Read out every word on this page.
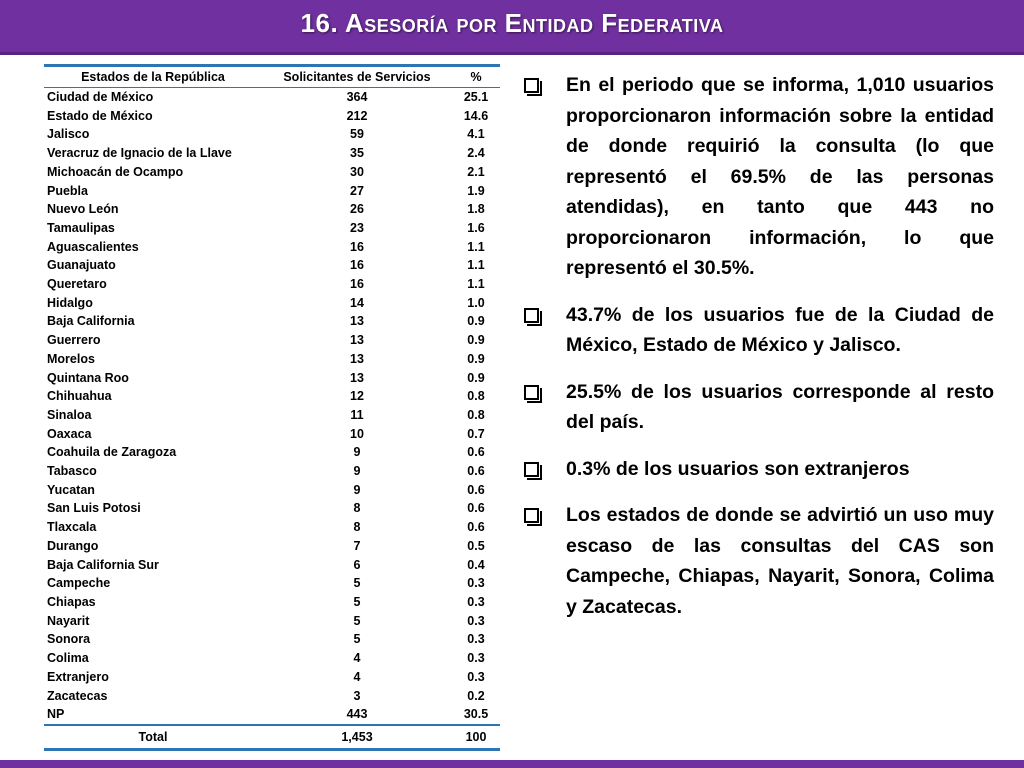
16. Asesoría por Entidad Federativa
Estados de la República	Solicitantes de Servicios	%
Ciudad de México	364	25.1
Estado de México	212	14.6
Jalisco	59	4.1
Veracruz de Ignacio de la Llave	35	2.4
Michoacán de Ocampo	30	2.1
Puebla	27	1.9
Nuevo León	26	1.8
Tamaulipas	23	1.6
Aguascalientes	16	1.1
Guanajuato	16	1.1
Queretaro	16	1.1
Hidalgo	14	1.0
Baja California	13	0.9
Guerrero	13	0.9
Morelos	13	0.9
Quintana Roo	13	0.9
Chihuahua	12	0.8
Sinaloa	11	0.8
Oaxaca	10	0.7
Coahuila de Zaragoza	9	0.6
Tabasco	9	0.6
Yucatan	9	0.6
San Luis Potosi	8	0.6
Tlaxcala	8	0.6
Durango	7	0.5
Baja California Sur	6	0.4
Campeche	5	0.3
Chiapas	5	0.3
Nayarit	5	0.3
Sonora	5	0.3
Colima	4	0.3
Extranjero	4	0.3
Zacatecas	3	0.2
NP	443	30.5
Total	1,453	100
En el periodo que se informa, 1,010 usuarios proporcionaron información sobre la entidad de donde requirió la consulta (lo que representó el 69.5% de las personas atendidas), en tanto que 443 no proporcionaron información, lo que representó el 30.5%.
43.7% de los usuarios fue de la Ciudad de México, Estado de México y Jalisco.
25.5% de los usuarios corresponde al resto del país.
0.3% de los usuarios son extranjeros
Los estados de donde se advirtió un uso muy escaso de las consultas del CAS son Campeche, Chiapas, Nayarit, Sonora, Colima y Zacatecas.
